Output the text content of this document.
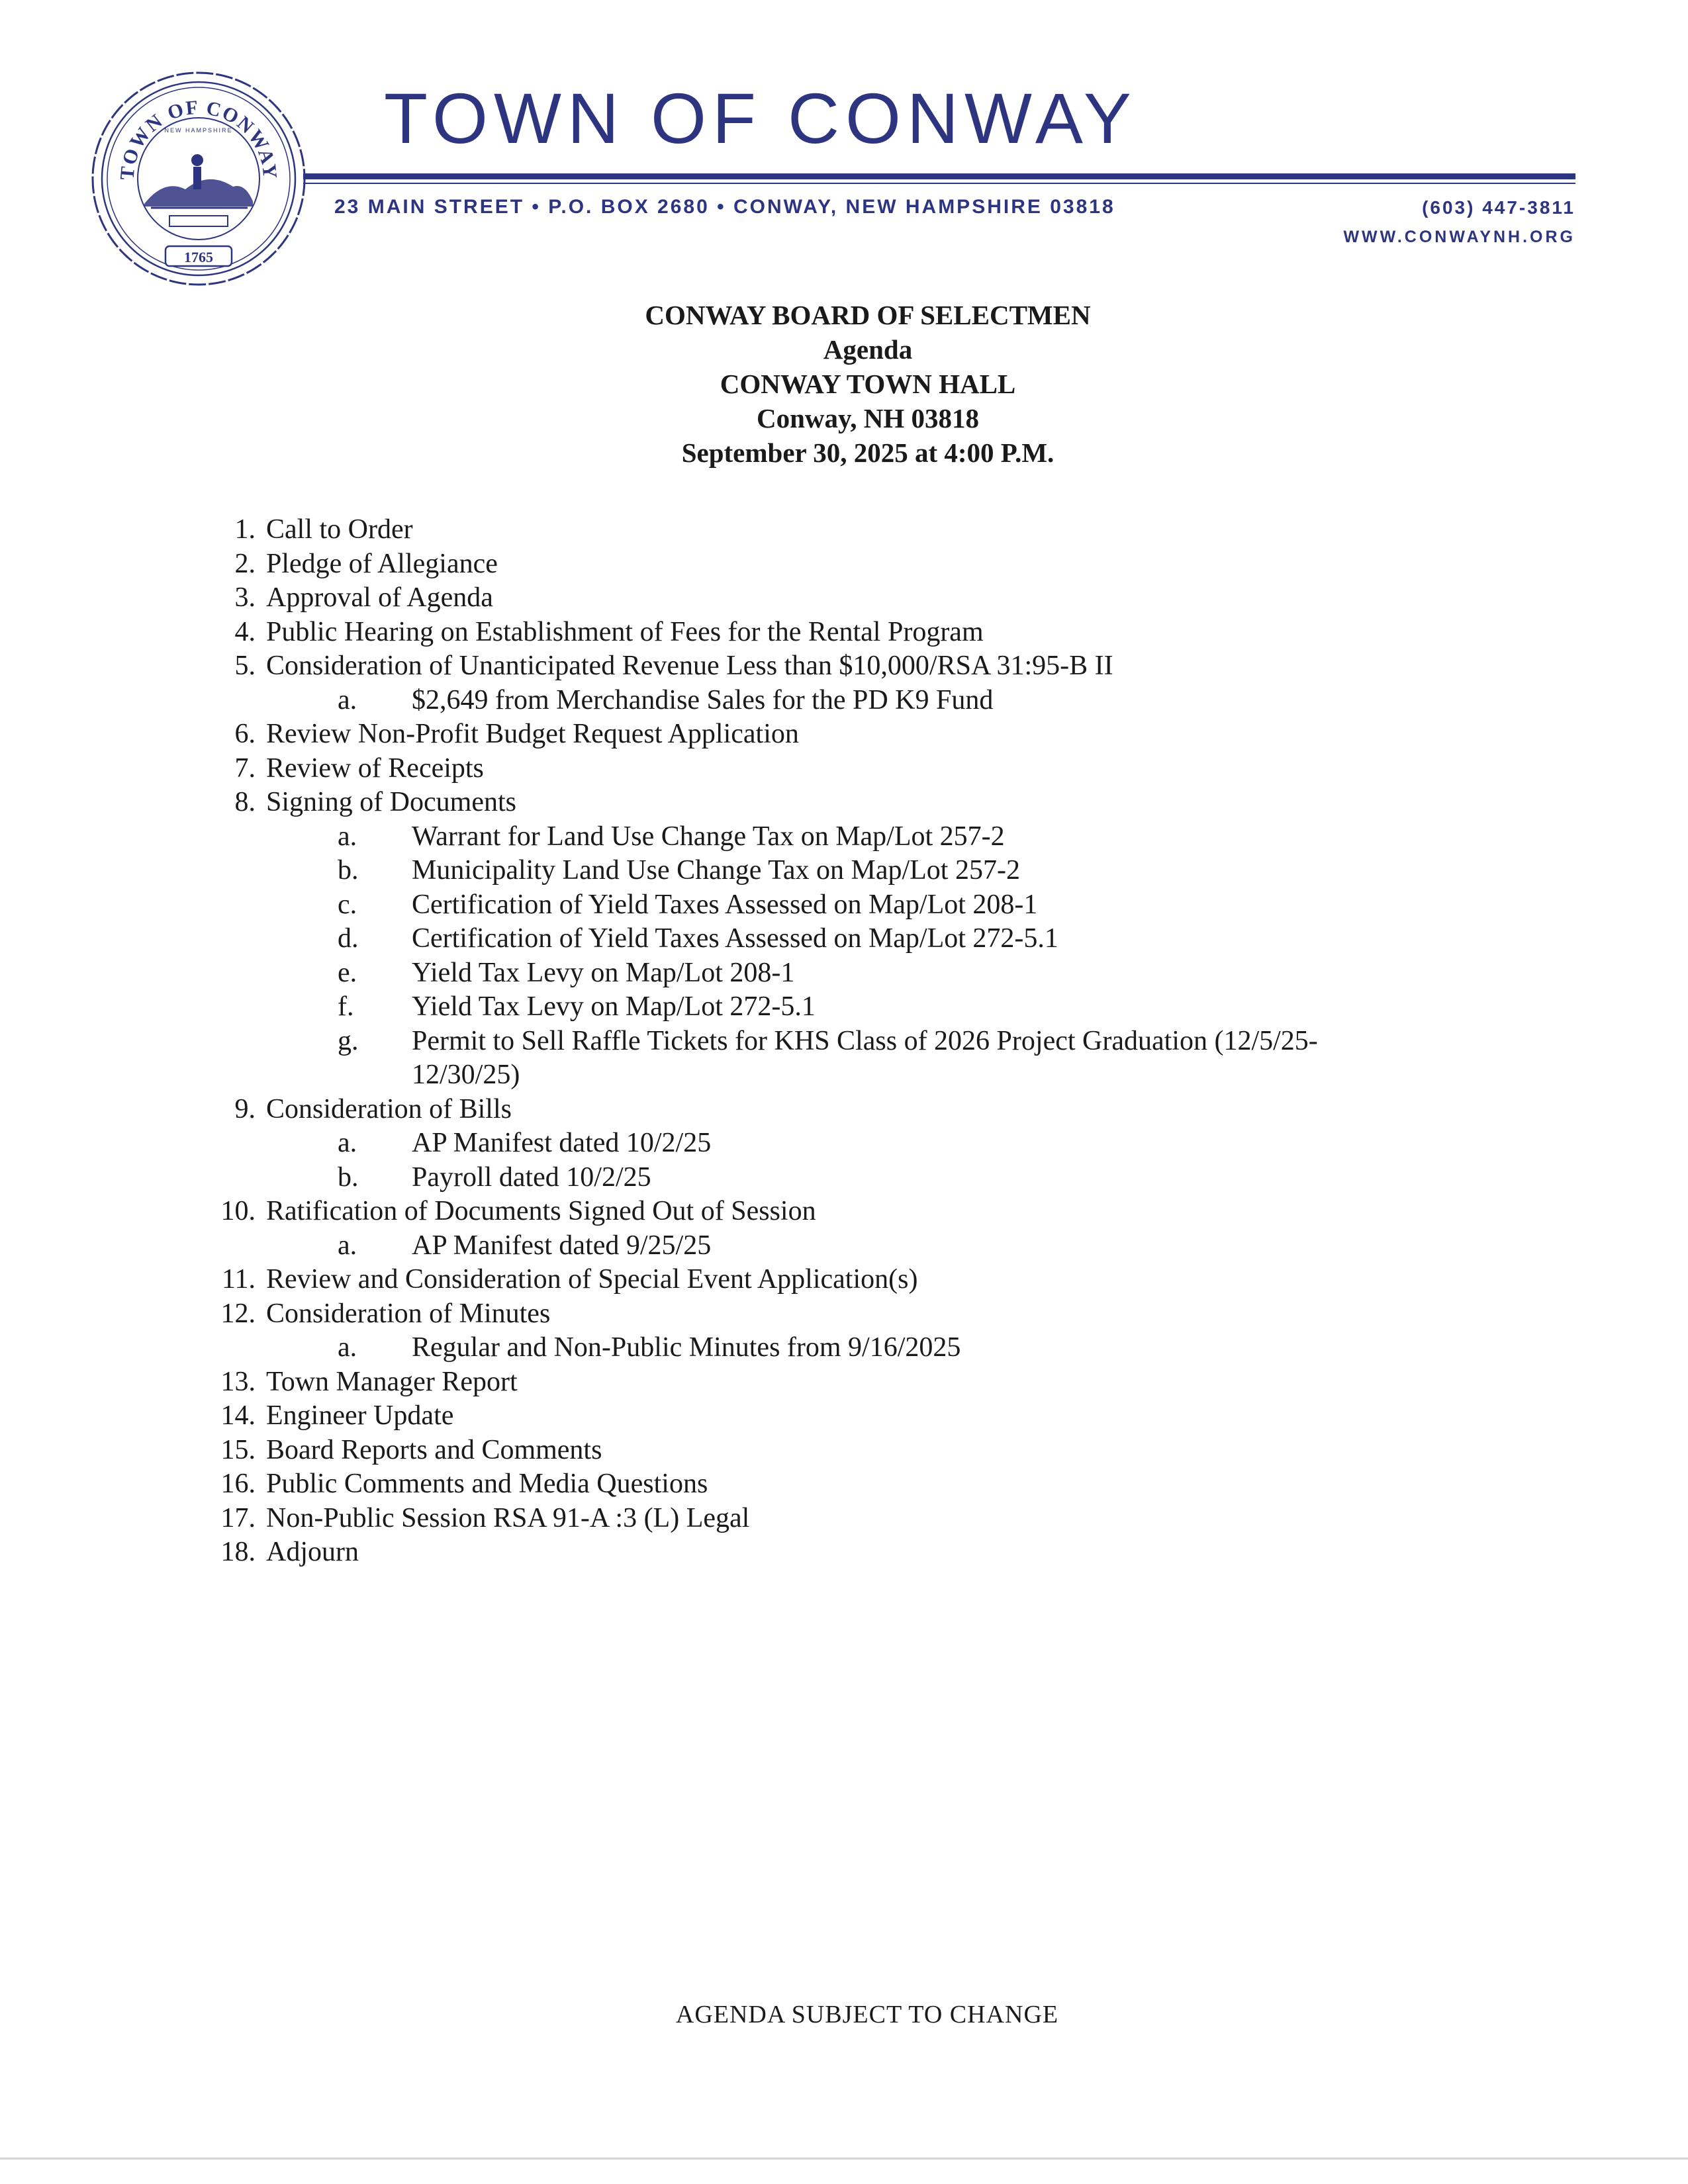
TOWN OF CONWAY
NEW HAMPSHIRE
1765
TOWN OF CONWAY
23 MAIN STREET • P.O. BOX 2680 • CONWAY, NEW HAMPSHIRE 03818	(603) 447-3811
WWW.CONWAYNH.ORG
CONWAY BOARD OF SELECTMEN
Agenda
CONWAY TOWN HALL
Conway, NH 03818
September 30, 2025 at 4:00 P.M.
1. Call to Order
2. Pledge of Allegiance
3. Approval of Agenda
4. Public Hearing on Establishment of Fees for the Rental Program
5. Consideration of Unanticipated Revenue Less than $10,000/RSA 31:95-B II
a.	$2,649 from Merchandise Sales for the PD K9 Fund
6. Review Non-Profit Budget Request Application
7. Review of Receipts
8. Signing of Documents
a.	Warrant for Land Use Change Tax on Map/Lot 257-2
b.	Municipality Land Use Change Tax on Map/Lot 257-2
c.	Certification of Yield Taxes Assessed on Map/Lot 208-1
d.	Certification of Yield Taxes Assessed on Map/Lot 272-5.1
e.	Yield Tax Levy on Map/Lot 208-1
f.	Yield Tax Levy on Map/Lot 272-5.1
g.	Permit to Sell Raffle Tickets for KHS Class of 2026 Project Graduation (12/5/25-
12/30/25)
9. Consideration of Bills
a.	AP Manifest dated 10/2/25
b.	Payroll dated 10/2/25
10. Ratification of Documents Signed Out of Session
a.	AP Manifest dated 9/25/25
11. Review and Consideration of Special Event Application(s)
12. Consideration of Minutes
a.	Regular and Non-Public Minutes from 9/16/2025
13. Town Manager Report
14. Engineer Update
15. Board Reports and Comments
16. Public Comments and Media Questions
17. Non-Public Session RSA 91-A :3 (L) Legal
18. Adjourn
AGENDA SUBJECT TO CHANGE
